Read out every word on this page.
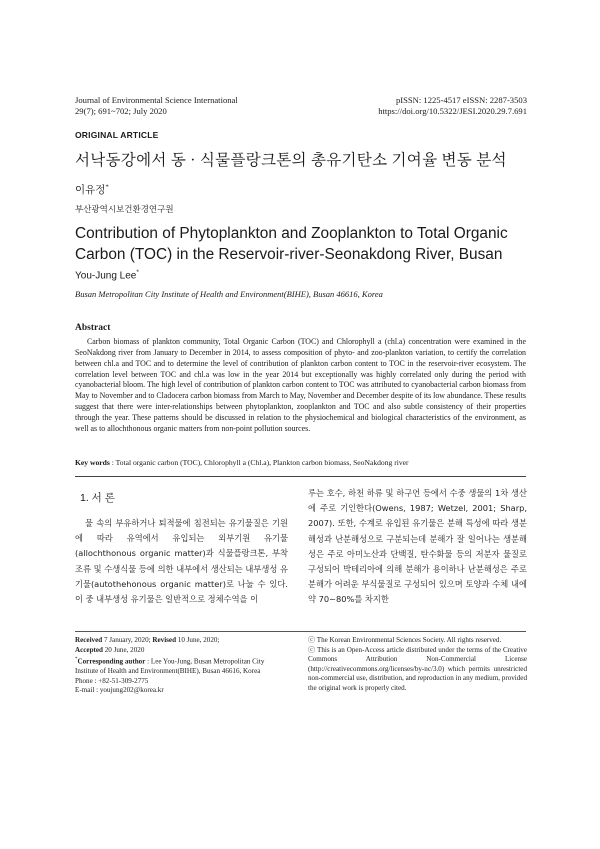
Journal of Environmental Science International
29(7); 691~702; July 2020
pISSN: 1225-4517 eISSN: 2287-3503
https://doi.org/10.5322/JESI.2020.29.7.691
ORIGINAL ARTICLE
서낙동강에서 동 · 식물플랑크톤의 총유기탄소 기여율 변동 분석
이유정*
부산광역시보건환경연구원
Contribution of Phytoplankton and Zooplankton to Total Organic Carbon (TOC) in the Reservoir-river-Seonakdong River, Busan
You-Jung Lee*
Busan Metropolitan City Institute of Health and Environment(BIHE), Busan 46616, Korea
Abstract

Carbon biomass of plankton community, Total Organic Carbon (TOC) and Chlorophyll a (chl.a) concentration were examined in the SeoNakdong river from January to December in 2014, to assess composition of phyto- and zoo-plankton variation, to certify the correlation between chl.a and TOC and to determine the level of contribution of plankton carbon content to TOC in the reservoir-river ecosystem. The correlation level between TOC and chl.a was low in the year 2014 but exceptionally was highly correlated only during the period with cyanobacterial bloom. The high level of contribution of plankton carbon content to TOC was attributed to cyanobacterial carbon biomass from May to November and to Cladocera carbon biomass from March to May, November and December despite of its low abundance. These results suggest that there were inter-relationships between phytoplankton, zooplankton and TOC and also subtle consistency of their properties through the year. These patterns should be discussed in relation to the physiochemical and biological characteristics of the environment, as well as to allochthonous organic matters from non-point pollution sources.

Key words : Total organic carbon (TOC), Chlorophyll a (Chl.a), Plankton carbon biomass, SeoNakdong river
1. 서 론

물 속의 부유하거나 퇴적물에 침전되는 유기물질은 기원에 따라 유역에서 유입되는 외부기원 유기물(allochthonous organic matter)과 식물플랑크톤, 부착조류 및 수생식물 등에 의한 내부에서 생산되는 내부생성 유기물(autothehonous organic matter)로 나눌 수 있다. 이 중 내부생성 유기물은 일반적으로 정체수역을 이

루는 호수, 하천 하류 및 하구언 등에서 수중 생물의 1차 생산에 주로 기인한다(Owens, 1987; Wetzel, 2001; Sharp, 2007). 또한, 수계로 유입된 유기물은 분해 특성에 따라 생분해성과 난분해성으로 구분되는데 분해가 잘 일어나는 생분해성은 주로 아미노산과 단백질, 탄수화물 등의 저분자 물질로 구성되어 박테리아에 의해 분해가 용이하나 난분해성은 주로 분해가 어려운 부식물질로 구성되어 있으며 토양과 수체 내에 약 70∼80%를 차지한

Received 7 January, 2020; Revised 10 June, 2020;
Accepted 20 June, 2020
*Corresponding author : Lee You-Jung, Busan Metropolitan City Institute of Health and Environment(BIHE), Busan 46616, Korea
Phone : +82-51-309-2775
E-mail : youjung202@korea.kr
ⓒ The Korean Environmental Sciences Society. All rights reserved.
ⓒ This is an Open-Access article distributed under the terms of the Creative Commons Attribution Non-Commercial License (http://creativecommons.org/licenses/by-nc/3.0) which permits unrestricted non-commercial use, distribution, and reproduction in any medium, provided the original work is properly cited.
